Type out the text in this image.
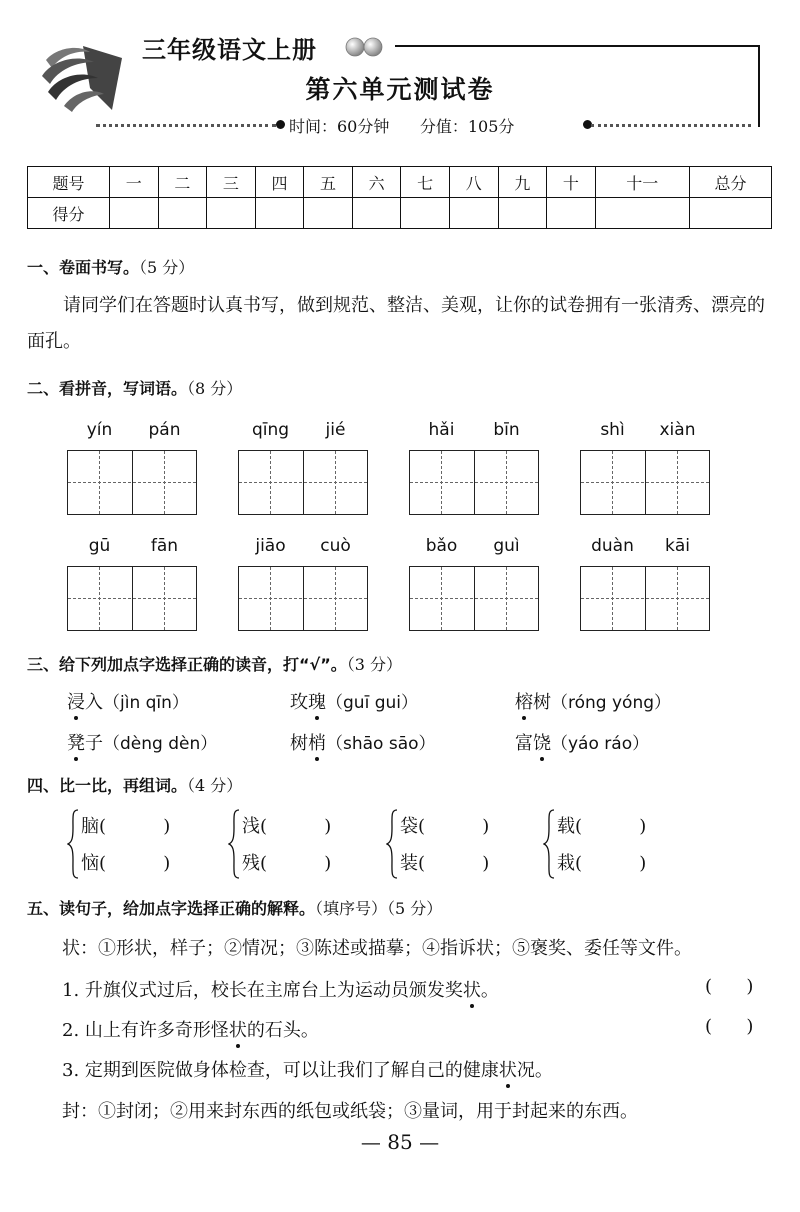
三年级语文上册
第六单元测试卷
时间：60分钟      分值：105分
题号	一	二	三	四	五	六	七	八	九	十	十一	总分
得分												
一、卷面书写。（5 分）
请同学们在答题时认真书写，做到规范、整洁、美观，让你的试卷拥有一张清秀、漂亮的面孔。
二、看拼音，写词语。（8 分）
yín	pán	qīng	jié	hǎi	bīn	shì	xiàn
gū	fān	jiāo	cuò	bǎo	guì	duàn	kāi
三、给下列加点字选择正确的读音，打“√”。（3 分）
浸入（jìn qīn）	玫瑰（guī gui）	榕树（róng yóng）
凳子（dèng dèn）	树梢（shāo sāo）	富饶（yáo ráo）
四、比一比，再组词。（4 分）
脑(          )
恼(          )
浅(          )
残(          )
袋(          )
装(          )
载(          )
栽(          )
五、读句子，给加点字选择正确的解释。（填序号）（5 分）
状：①形状，样子；②情况；③陈述或描摹；④指诉状；⑤褒奖、委任等文件。
1. 升旗仪式过后，校长在主席台上为运动员颁发奖状。	(      )
2. 山上有许多奇形怪状的石头。	(      )
3. 定期到医院做身体检查，可以让我们了解自己的健康状况。
封：①封闭；②用来封东西的纸包或纸袋；③量词，用于封起来的东西。
— 85 —
